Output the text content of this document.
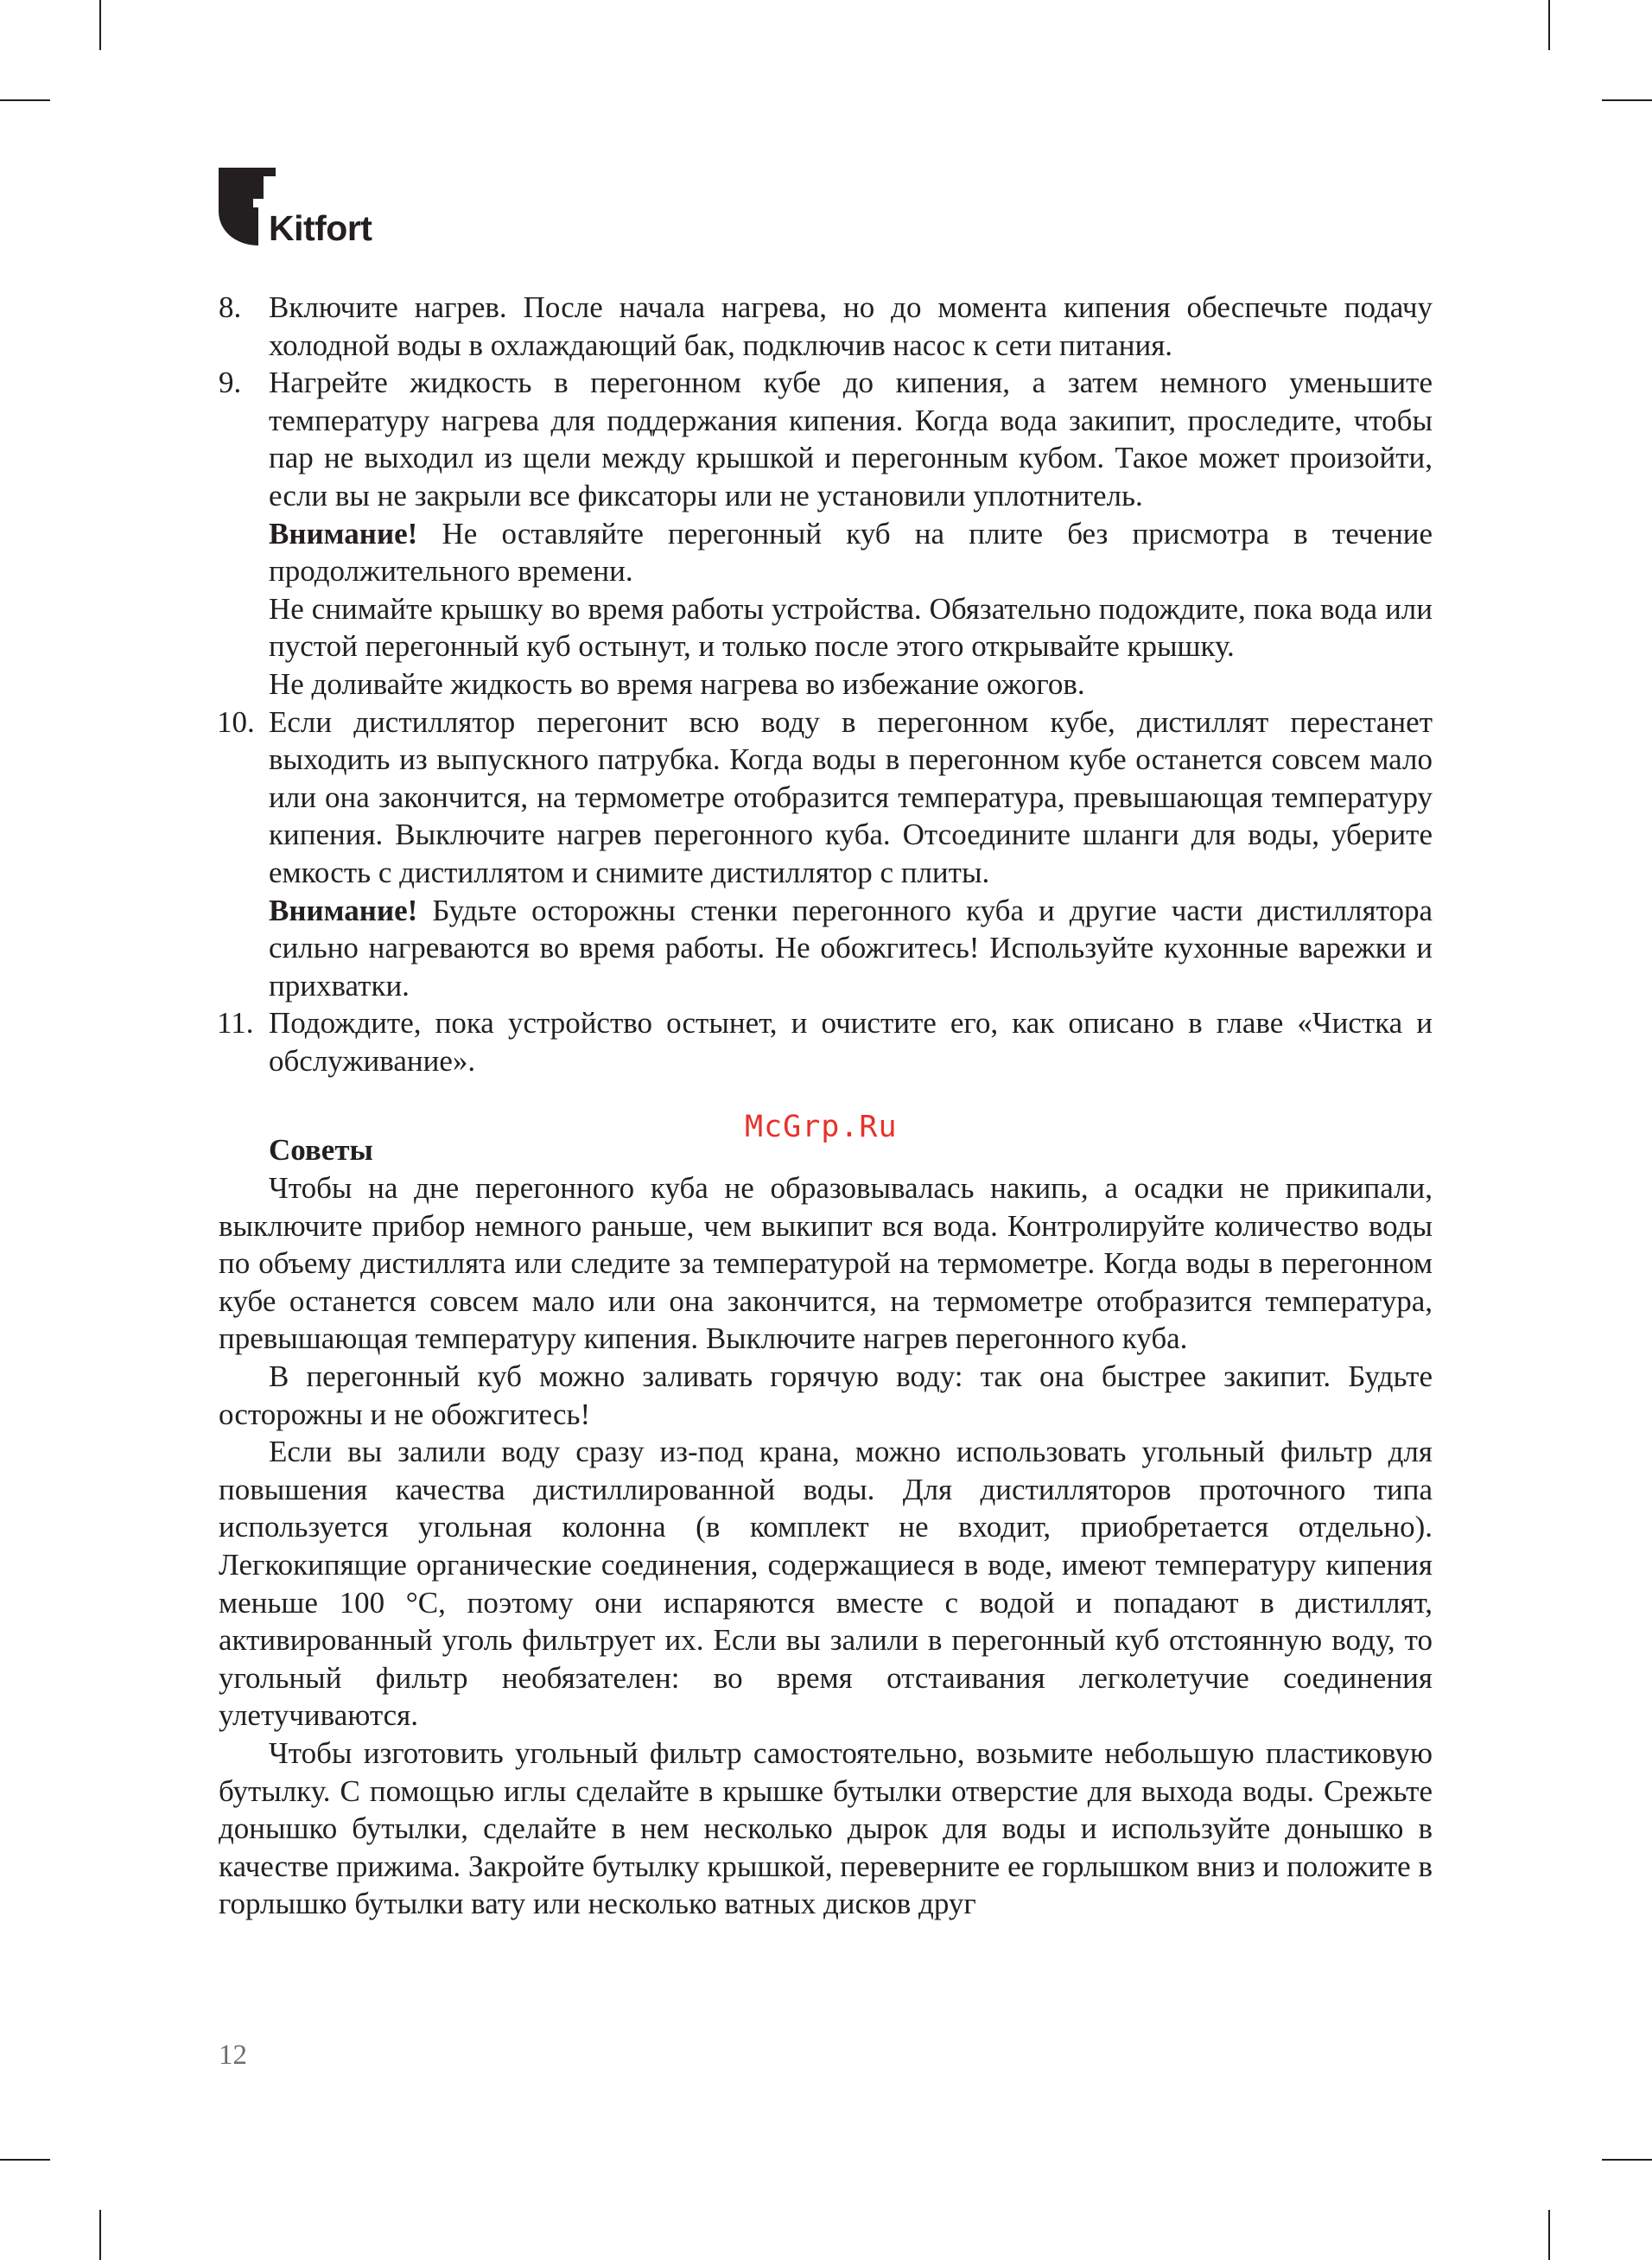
Kitfort
8. Включите нагрев. После начала нагрева, но до момента кипения обеспечьте подачу холодной воды в охлаждающий бак, подключив насос к сети питания.

9. Нагрейте жидкость в перегонном кубе до кипения, а затем немного уменьшите температуру нагрева для поддержания кипения. Когда вода закипит, проследите, чтобы пар не выходил из щели между крышкой и перегонным кубом. Такое может произойти, если вы не закрыли все фиксаторы или не установили уплотнитель.

Внимание! Не оставляйте перегонный куб на плите без присмотра в течение продолжительного времени.

Не снимайте крышку во время работы устройства. Обязательно подождите, пока вода или пустой перегонный куб остынут, и только после этого открывайте крышку.

Не доливайте жидкость во время нагрева во избежание ожогов.

10. Если дистиллятор перегонит всю воду в перегонном кубе, дистиллят перестанет выходить из выпускного патрубка. Когда воды в перегонном кубе останется совсем мало или она закончится, на термометре отобразится температура, превышающая температуру кипения. Выключите нагрев перегонного куба. Отсоедините шланги для воды, уберите емкость с дистиллятом и снимите дистиллятор с плиты.

Внимание! Будьте осторожны стенки перегонного куба и другие части дистиллятора сильно нагреваются во время работы. Не обожгитесь! Используйте кухонные варежки и прихватки.

11. Подождите, пока устройство остынет, и очистите его, как описано в главе «Чистка и обслуживание».

Советы

Чтобы на дне перегонного куба не образовывалась накипь, а осадки не прикипали, выключите прибор немного раньше, чем выкипит вся вода. Контролируйте количество воды по объему дистиллята или следите за температурой на термометре. Когда воды в перегонном кубе останется совсем мало или она закончится, на термометре отобразится температура, превышающая температуру кипения. Выключите нагрев перегонного куба.

В перегонный куб можно заливать горячую воду: так она быстрее закипит. Будьте осторожны и не обожгитесь!

Если вы залили воду сразу из-под крана, можно использовать угольный фильтр для повышения качества дистиллированной воды. Для дистилляторов проточного типа используется угольная колонна (в комплект не входит, приобретается отдельно). Легкокипящие органические соединения, содержащиеся в воде, имеют температуру кипения меньше 100 °С, поэтому они испаряются вместе с водой и попадают в дистиллят, активированный уголь фильтрует их. Если вы залили в перегонный куб отстоянную воду, то угольный фильтр необязателен: во время отстаивания легколетучие соединения улетучиваются.

Чтобы изготовить угольный фильтр самостоятельно, возьмите небольшую пластиковую бутылку. С помощью иглы сделайте в крышке бутылки отверстие для выхода воды. Срежьте донышко бутылки, сделайте в нем несколько дырок для воды и используйте донышко в качестве прижима. Закройте бутылку крышкой, переверните ее горлышком вниз и положите в горлышко бутылки вату или несколько ватных дисков друг

McGrp.Ru
12
